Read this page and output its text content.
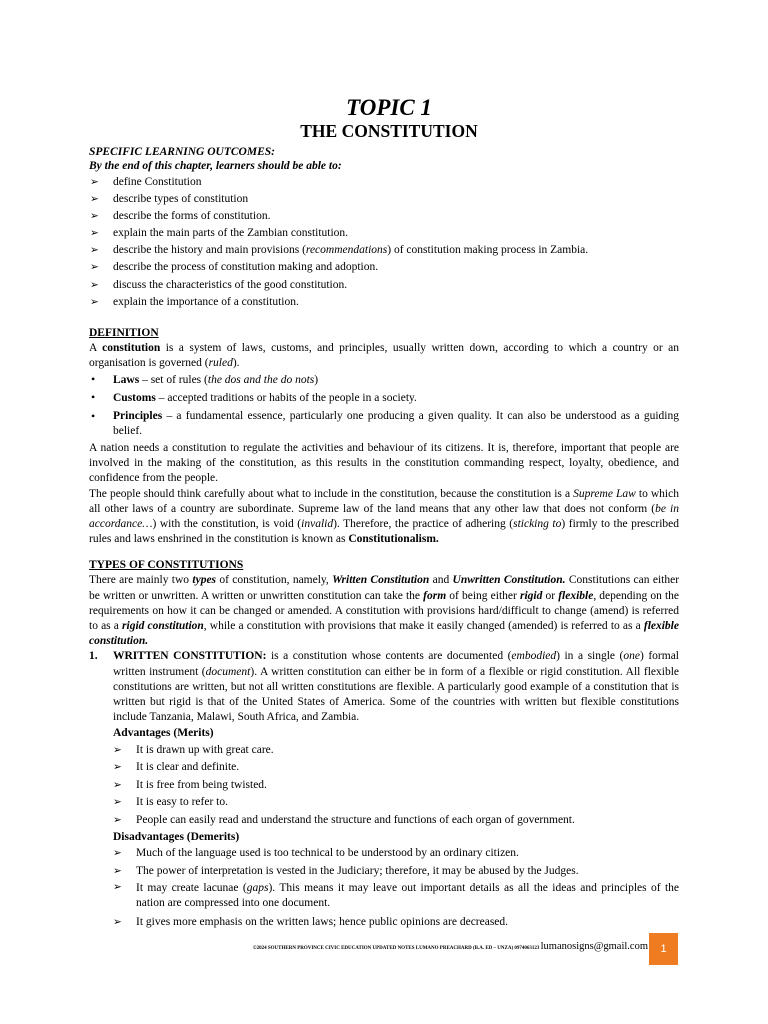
TOPIC 1
THE CONSTITUTION
SPECIFIC LEARNING OUTCOMES:
By the end of this chapter, learners should be able to:
➢ define Constitution
➢ describe types of constitution
➢ describe the forms of constitution.
➢ explain the main parts of the Zambian constitution.
➢ describe the history and main provisions (recommendations) of constitution making process in Zambia.
➢ describe the process of constitution making and adoption.
➢ discuss the characteristics of the good constitution.
➢ explain the importance of a constitution.
DEFINITION

A constitution is a system of laws, customs, and principles, usually written down, according to which a country or an organisation is governed (ruled).

• Laws – set of rules (the dos and the do nots)
• Customs – accepted traditions or habits of the people in a society.
• Principles – a fundamental essence, particularly one producing a given quality. It can also be understood as a guiding belief.

A nation needs a constitution to regulate the activities and behaviour of its citizens. It is, therefore, important that people are involved in the making of the constitution, as this results in the constitution commanding respect, loyalty, obedience, and confidence from the people.

The people should think carefully about what to include in the constitution, because the constitution is a Supreme Law to which all other laws of a country are subordinate. Supreme law of the land means that any other law that does not conform (be in accordance…) with the constitution, is void (invalid). Therefore, the practice of adhering (sticking to) firmly to the prescribed rules and laws enshrined in the constitution is known as Constitutionalism.

TYPES OF CONSTITUTIONS

There are mainly two types of constitution, namely, Written Constitution and Unwritten Constitution. Constitutions can either be written or unwritten. A written or unwritten constitution can take the form of being either rigid or flexible, depending on the requirements on how it can be changed or amended. A constitution with provisions hard/difficult to change (amend) is referred to as a rigid constitution, while a constitution with provisions that make it easily changed (amended) is referred to as a flexible constitution.

1. WRITTEN CONSTITUTION: is a constitution whose contents are documented (embodied) in a single (one) formal written instrument (document). A written constitution can either be in form of a flexible or rigid constitution. All flexible constitutions are written, but not all written constitutions are flexible. A particularly good example of a constitution that is written but rigid is that of the United States of America. Some of the countries with written but flexible constitutions include Tanzania, Malawi, South Africa, and Zambia.
Advantages (Merits)
➢ It is drawn up with great care.
➢ It is clear and definite.
➢ It is free from being twisted.
➢ It is easy to refer to.
➢ People can easily read and understand the structure and functions of each organ of government.
Disadvantages (Demerits)
➢ Much of the language used is too technical to be understood by an ordinary citizen.
➢ The power of interpretation is vested in the Judiciary; therefore, it may be abused by the Judges.
➢ It may create lacunae (gaps). This means it may leave out important details as all the ideas and principles of the nation are compressed into one document.
➢ It gives more emphasis on the written laws; hence public opinions are decreased.
©2024 SOUTHERN PROVINCE CIVIC EDUCATION UPDATED NOTES LUMANO PREACHARD (B.A. ED – UNZA) 0974063123 lumanosigns@gmail.com	1
